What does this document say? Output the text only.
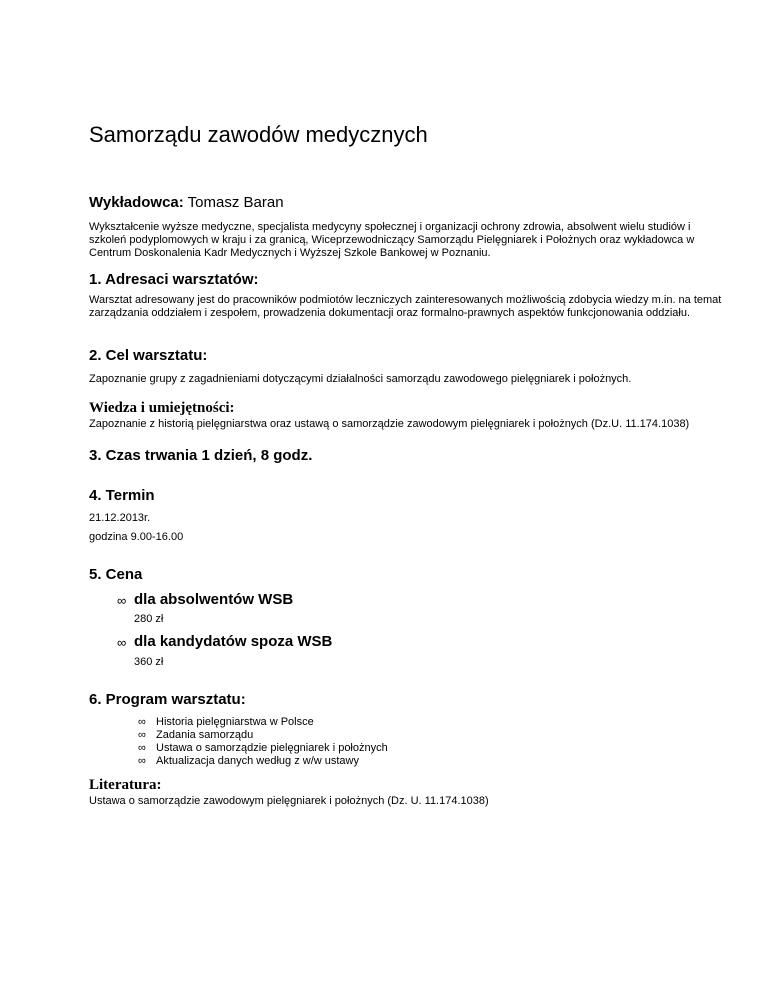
Samorządu zawodów medycznych
Wykładowca: Tomasz Baran

Wykształcenie wyższe medyczne, specjalista medycyny społecznej i organizacji ochrony zdrowia, absolwent wielu studiów i szkoleń podyplomowych w kraju i za granicą, Wiceprzewodniczący Samorządu Pielęgniarek i Położnych oraz wykładowca w Centrum Doskonalenia Kadr Medycznych i Wyższej Szkole Bankowej w Poznaniu.

1. Adresaci warsztatów:

Warsztat adresowany jest do pracowników podmiotów leczniczych zainteresowanych możliwością zdobycia wiedzy m.in. na temat zarządzania oddziałem i zespołem, prowadzenia dokumentacji oraz formalno-prawnych aspektów funkcjonowania oddziału.

2. Cel warsztatu:
Zapoznanie grupy z zagadnieniami dotyczącymi działalności samorządu zawodowego pielęgniarek i położnych.
Wiedza i umiejętności:
Zapoznanie z historią pielęgniarstwa oraz ustawą o samorządzie zawodowym pielęgniarek i położnych (Dz.U. 11.174.1038)
3. Czas trwania 1 dzień, 8 godz.
4. Termin
21.12.2013r.
godzina 9.00-16.00
5. Cena
∞ dla absolwentów WSB
280 zł
∞ dla kandydatów spoza WSB
360 zł
6. Program warsztatu:
∞ Historia pielęgniarstwa w Polsce
∞ Zadania samorządu
∞ Ustawa o samorządzie pielęgniarek i położnych
∞ Aktualizacja danych według z w/w ustawy
Literatura:
Ustawa o samorządzie zawodowym pielęgniarek i położnych (Dz. U. 11.174.1038)
